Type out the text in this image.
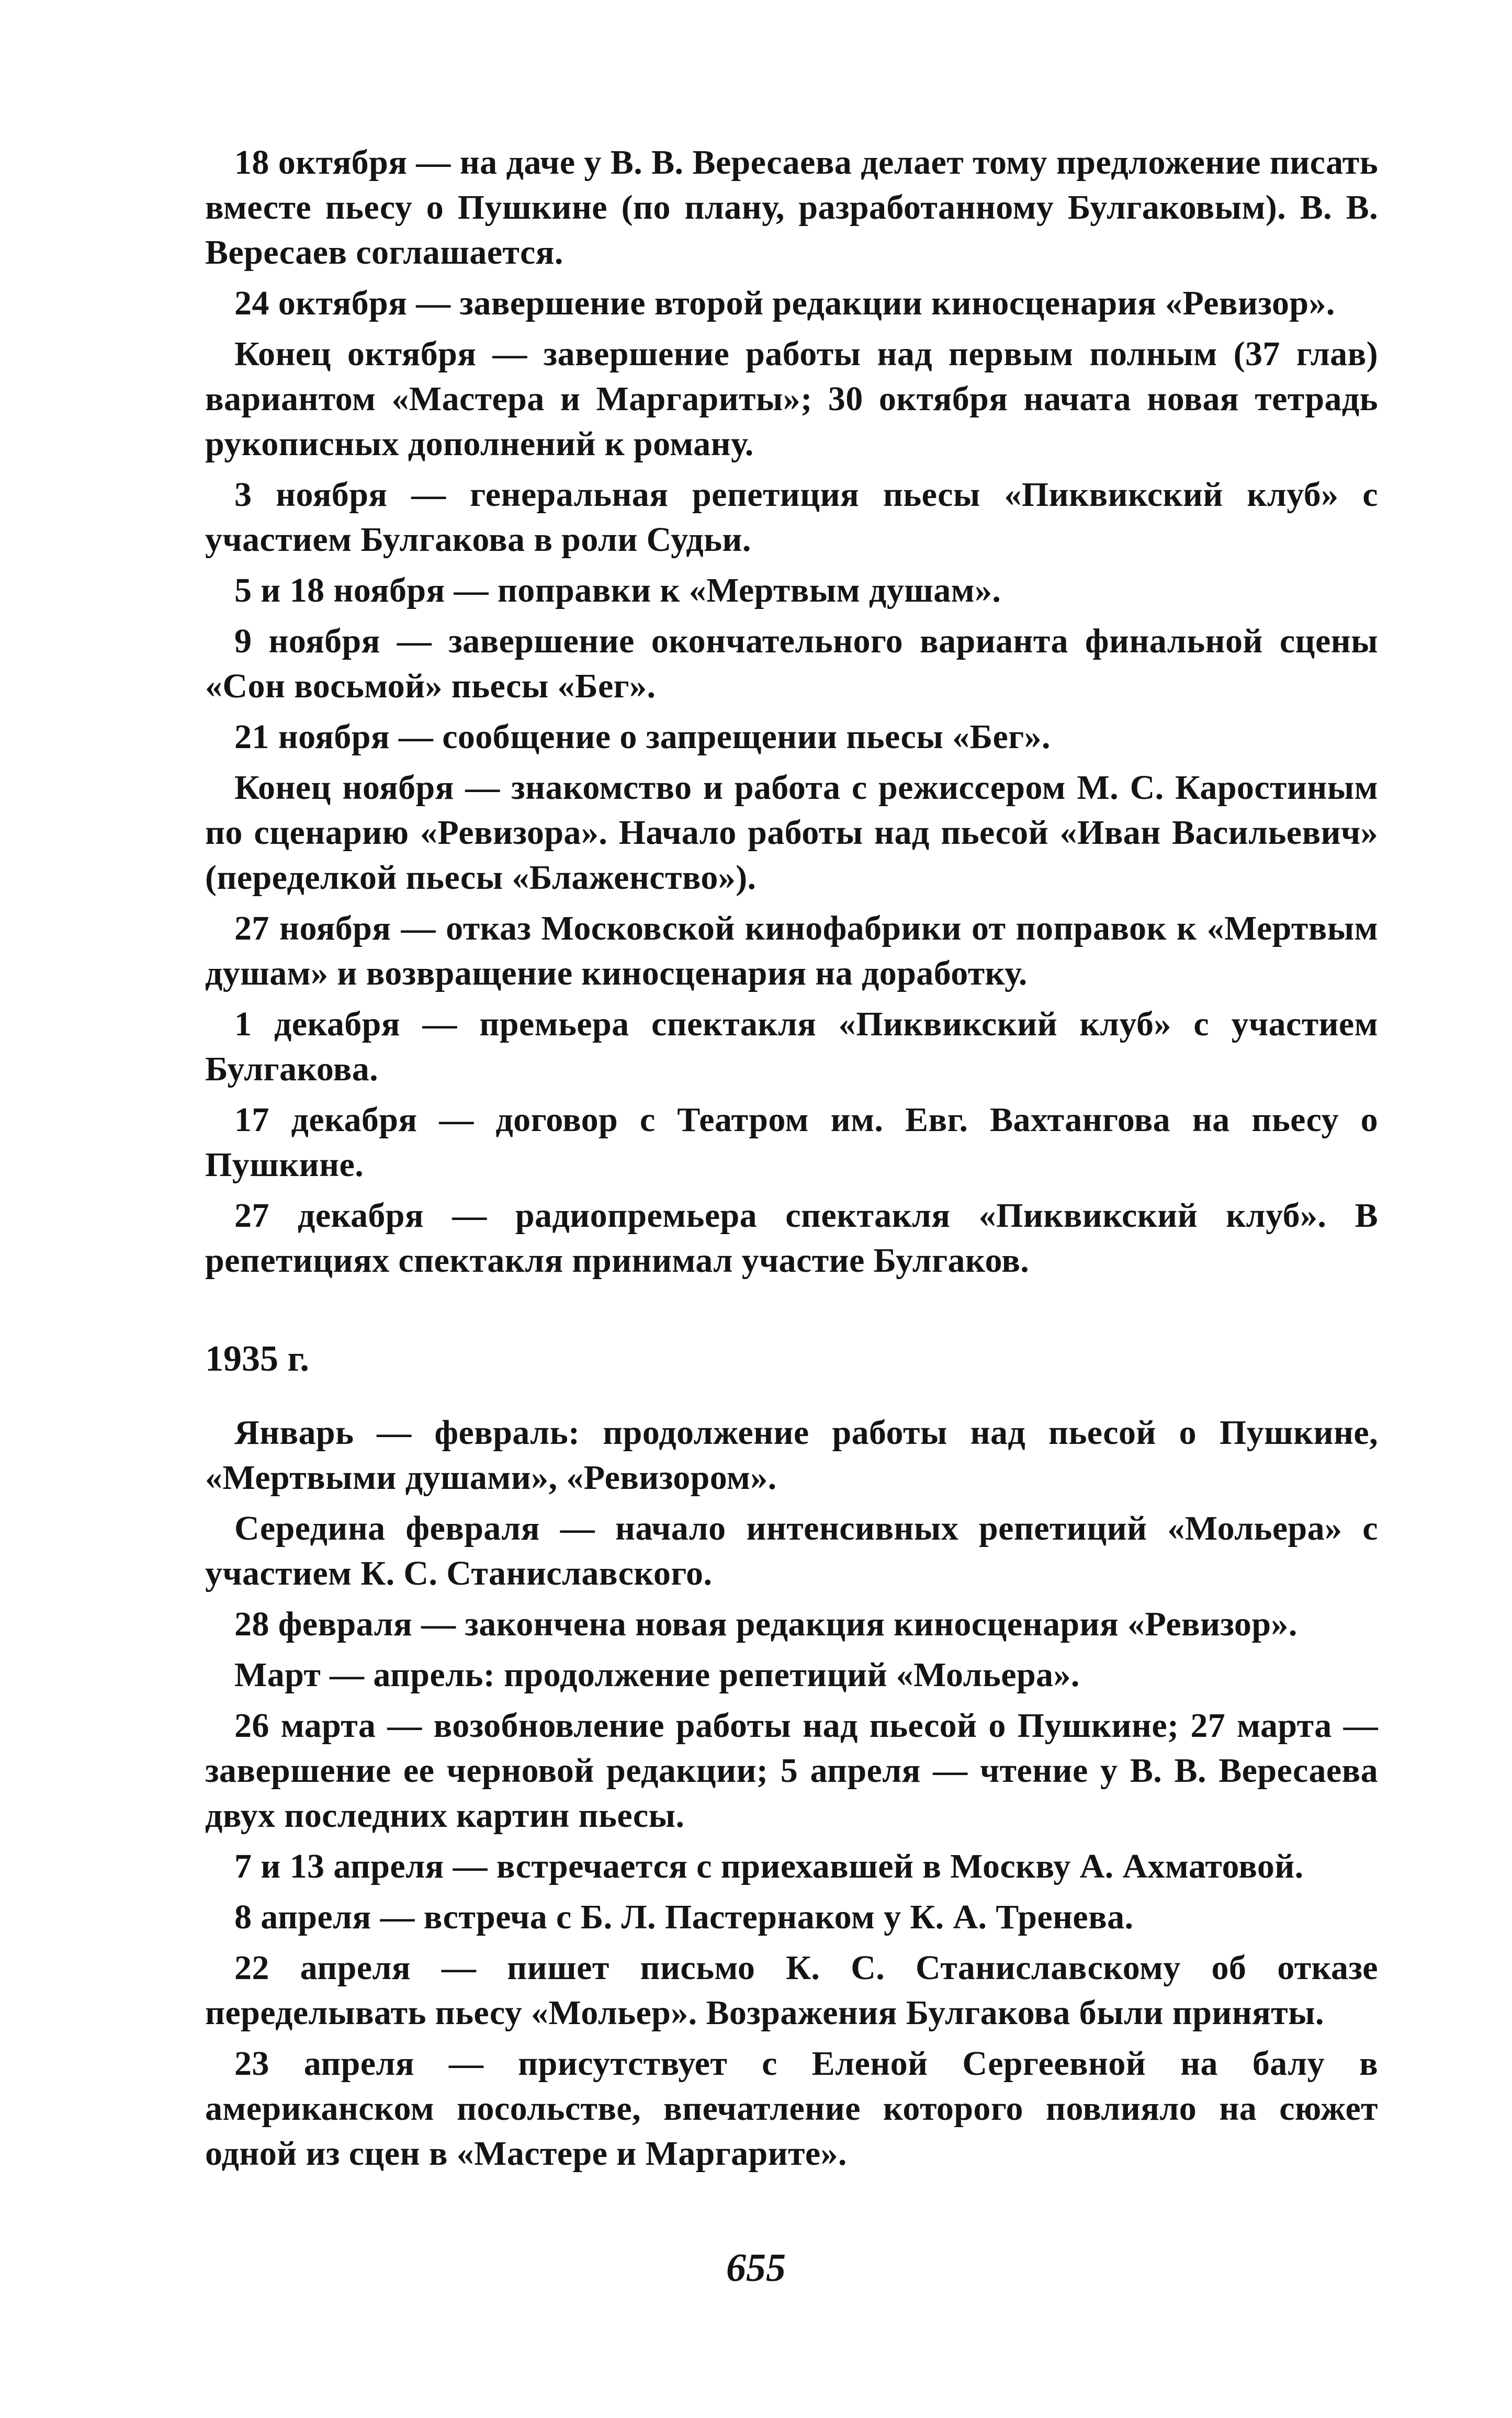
18 октября — на даче у В. В. Вересаева делает тому предложение писать вместе пьесу о Пушкине (по плану, разработанному Булгаковым). В. В. Вересаев соглашается.

24 октября — завершение второй редакции киносценария «Ревизор».

Конец октября — завершение работы над первым полным (37 глав) вариантом «Мастера и Маргариты»; 30 октября начата новая тетрадь рукописных дополнений к роману.

3 ноября — генеральная репетиция пьесы «Пиквикский клуб» с участием Булгакова в роли Судьи.

5 и 18 ноября — поправки к «Мертвым душам».

9 ноября — завершение окончательного варианта финальной сцены «Сон восьмой» пьесы «Бег».

21 ноября — сообщение о запрещении пьесы «Бег».

Конец ноября — знакомство и работа с режиссером М. С. Каростиным по сценарию «Ревизора». Начало работы над пьесой «Иван Васильевич» (переделкой пьесы «Блаженство»).

27 ноября — отказ Московской кинофабрики от поправок к «Мертвым душам» и возвращение киносценария на доработку.

1 декабря — премьера спектакля «Пиквикский клуб» с участием Булгакова.

17 декабря — договор с Театром им. Евг. Вахтангова на пьесу о Пушкине.

27 декабря — радиопремьера спектакля «Пиквикский клуб». В репетициях спектакля принимал участие Булгаков.

1935 г.

Январь — февраль: продолжение работы над пьесой о Пушкине, «Мертвыми душами», «Ревизором».

Середина февраля — начало интенсивных репетиций «Мольера» с участием К. С. Станиславского.

28 февраля — закончена новая редакция киносценария «Ревизор».

Март — апрель: продолжение репетиций «Мольера».

26 марта — возобновление работы над пьесой о Пушкине; 27 марта — завершение ее черновой редакции; 5 апреля — чтение у В. В. Вересаева двух последних картин пьесы.

7 и 13 апреля — встречается с приехавшей в Москву А. Ахматовой.

8 апреля — встреча с Б. Л. Пастернаком у К. А. Тренева.

22 апреля — пишет письмо К. С. Станиславскому об отказе переделывать пьесу «Мольер». Возражения Булгакова были приняты.

23 апреля — присутствует с Еленой Сергеевной на балу в американском посольстве, впечатление которого повлияло на сюжет одной из сцен в «Мастере и Маргарите».

655
